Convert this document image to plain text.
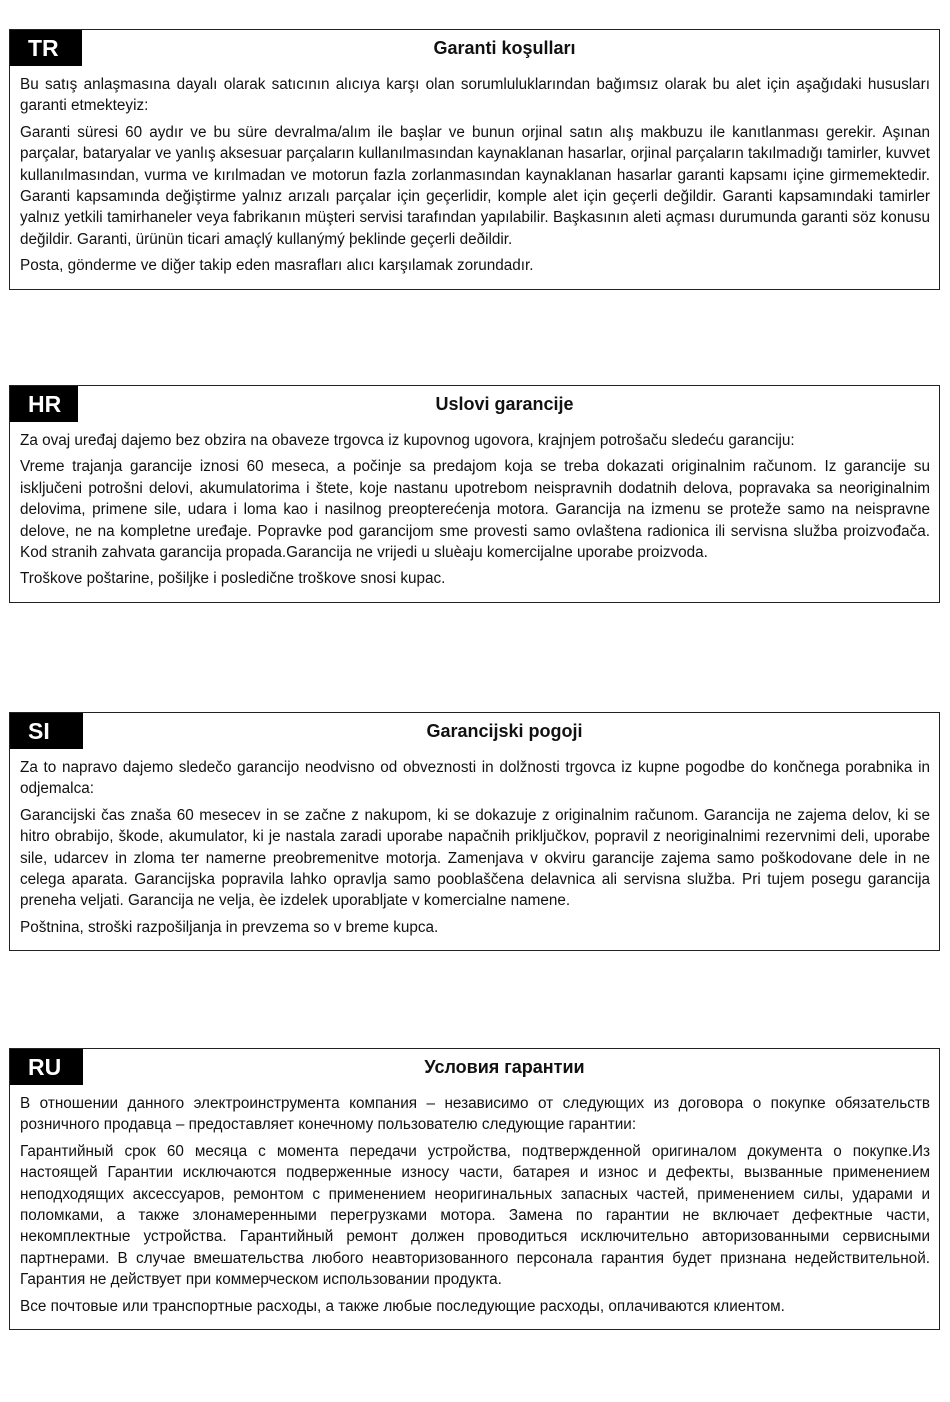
TR	Garanti koşulları

Bu satış anlaşmasına dayalı olarak satıcının alıcıya karşı olan sorumluluklarından bağımsız olarak bu alet için aşağıdaki hususları garanti etmekteyiz:

Garanti süresi 60 aydır ve bu süre devralma/alım ile başlar ve bunun orjinal satın alış makbuzu ile kanıtlanması gerekir. Aşınan parçalar, bataryalar ve yanlış aksesuar parçaların kullanılmasından kaynaklanan hasarlar, orjinal parçaların takılmadığı tamirler, kuvvet kullanılmasından, vurma ve kırılmadan ve motorun fazla zorlanmasından kaynaklanan hasarlar garanti kapsamı içine girmemektedir. Garanti kapsamında değiştirme yalnız arızalı parçalar için geçerlidir, komple alet için geçerli değildir. Garanti kapsamındaki tamirler yalnız yetkili tamirhaneler veya fabrikanın müşteri servisi tarafından yapılabilir. Başkasının aleti açması durumunda garanti söz konusu değildir. Garanti, ürünün ticari amaçlý kullanýmý þeklinde geçerli deðildir.

Posta, gönderme ve diğer takip eden masrafları alıcı karşılamak zorundadır.

HR	Uslovi garancije

Za ovaj uređaj dajemo bez obzira na obaveze trgovca iz kupovnog ugovora, krajnjem potrošaču sledeću garanciju:

Vreme trajanja garancije iznosi 60 meseca, a počinje sa predajom koja se treba dokazati originalnim računom. Iz garancije su isključeni potrošni delovi, akumulatorima i štete, koje nastanu upotrebom neispravnih dodatnih delova, popravaka sa neoriginalnim delovima, primene sile, udara i loma kao i nasilnog preopterećenja motora. Garancija na izmenu se proteže samo na neispravne delove, ne na kompletne uređaje. Popravke pod garancijom sme provesti samo ovlaštena radionica ili servisna služba proizvođača. Kod stranih zahvata garancija propada.Garancija ne vrijedi u sluèaju komercijalne uporabe proizvoda.

Troškove poštarine, pošiljke i posledične troškove snosi kupac.

SI	Garancijski pogoji

Za to napravo dajemo sledečo garancijo neodvisno od obveznosti in dolžnosti trgovca iz kupne pogodbe do končnega porabnika in odjemalca:

Garancijski čas znaša 60 mesecev in se začne z nakupom, ki se dokazuje z originalnim računom. Garancija ne zajema delov, ki se hitro obrabijo, škode, akumulator, ki je nastala zaradi uporabe napačnih priključkov, popravil z neoriginalnimi rezervnimi deli, uporabe sile, udarcev in zloma ter namerne preobremenitve motorja. Zamenjava v okviru garancije zajema samo poškodovane dele in ne celega aparata. Garancijska popravila lahko opravlja samo pooblaščena delavnica ali servisna služba. Pri tujem posegu garancija preneha veljati. Garancija ne velja, èe izdelek uporabljate v komercialne namene.

Poštnina, stroški razpošiljanja in prevzema so v breme kupca.

RU	Условия гарантии

В отношении данного электроинструмента компания – независимо от следующих из договора о покупке обязательств розничного продавца – предоставляет конечному пользователю следующие гарантии:

Гарантийный срок 60 месяца с момента передачи устройства, подтвержденной оригиналом документа о покупке.Из настоящей Гарантии исключаются подверженные износу части, батарея и износ и дефекты, вызванные применением неподходящих аксессуаров, ремонтом с применением неоригинальных запасных частей, применением силы, ударами и поломками, а также злонамеренными перегрузками мотора. Замена по гарантии не включает дефектные части, некомплектные устройства. Гарантийный ремонт должен проводиться исключительно авторизованными сервисными партнерами. В случае вмешательства любого неавторизованного персонала гарантия будет признана недействительной. Гарантия не действует при коммерческом использовании продукта.

Все почтовые или транспортные расходы, а также любые последующие расходы, оплачиваются клиентом.
